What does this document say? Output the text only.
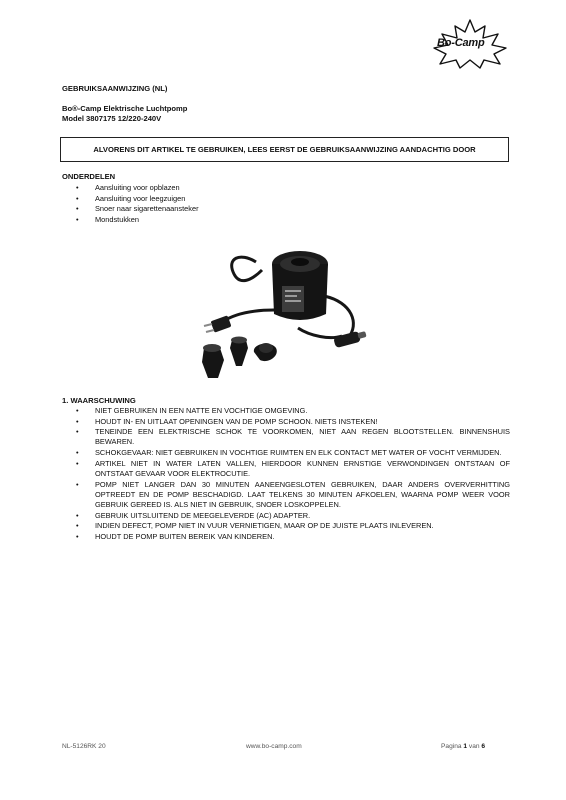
Bo-Camp
GEBRUIKSAANWIJZING (NL)
Bo®-Camp Elektrische Luchtpomp
Model 3807175 12/220-240V
ALVORENS DIT ARTIKEL TE GEBRUIKEN, LEES EERST DE GEBRUIKSAANWIJZING AANDACHTIG DOOR
ONDERDELEN
• Aansluiting voor opblazen
• Aansluiting voor leegzuigen
• Snoer naar sigarettenaansteker
• Mondstukken
1. WAARSCHUWING
• NIET GEBRUIKEN IN EEN NATTE EN VOCHTIGE OMGEVING.
• HOUDT IN- EN UITLAAT OPENINGEN VAN DE POMP SCHOON. NIETS INSTEKEN!
• TENEINDE EEN ELEKTRISCHE SCHOK TE VOORKOMEN, NIET AAN REGEN BLOOTSTELLEN. BINNENSHUIS BEWAREN.
• SCHOKGEVAAR: NIET GEBRUIKEN IN VOCHTIGE RUIMTEN EN ELK CONTACT MET WATER OF VOCHT VERMIJDEN.
• ARTIKEL NIET IN WATER LATEN VALLEN, HIERDOOR KUNNEN ERNSTIGE VERWONDINGEN ONTSTAAN OF ONTSTAAT GEVAAR VOOR ELEKTROCUTIE.
• POMP NIET LANGER DAN 30 MINUTEN AANEENGESLOTEN GEBRUIKEN, DAAR ANDERS OVERVERHITTING OPTREEDT EN DE POMP BESCHADIGD. LAAT TELKENS 30 MINUTEN AFKOELEN, WAARNA POMP WEER VOOR GEBRUIK GEREED IS. ALS NIET IN GEBRUIK, SNOER LOSKOPPELEN.
• GEBRUIK UITSLUITEND DE MEEGELEVERDE (AC) ADAPTER.
• INDIEN DEFECT, POMP NIET IN VUUR VERNIETIGEN, MAAR OP DE JUISTE PLAATS INLEVEREN.
• HOUDT DE POMP BUITEN BEREIK VAN KINDEREN.
NL-5126RK 20	www.bo-camp.com	Pagina 1 van 6
